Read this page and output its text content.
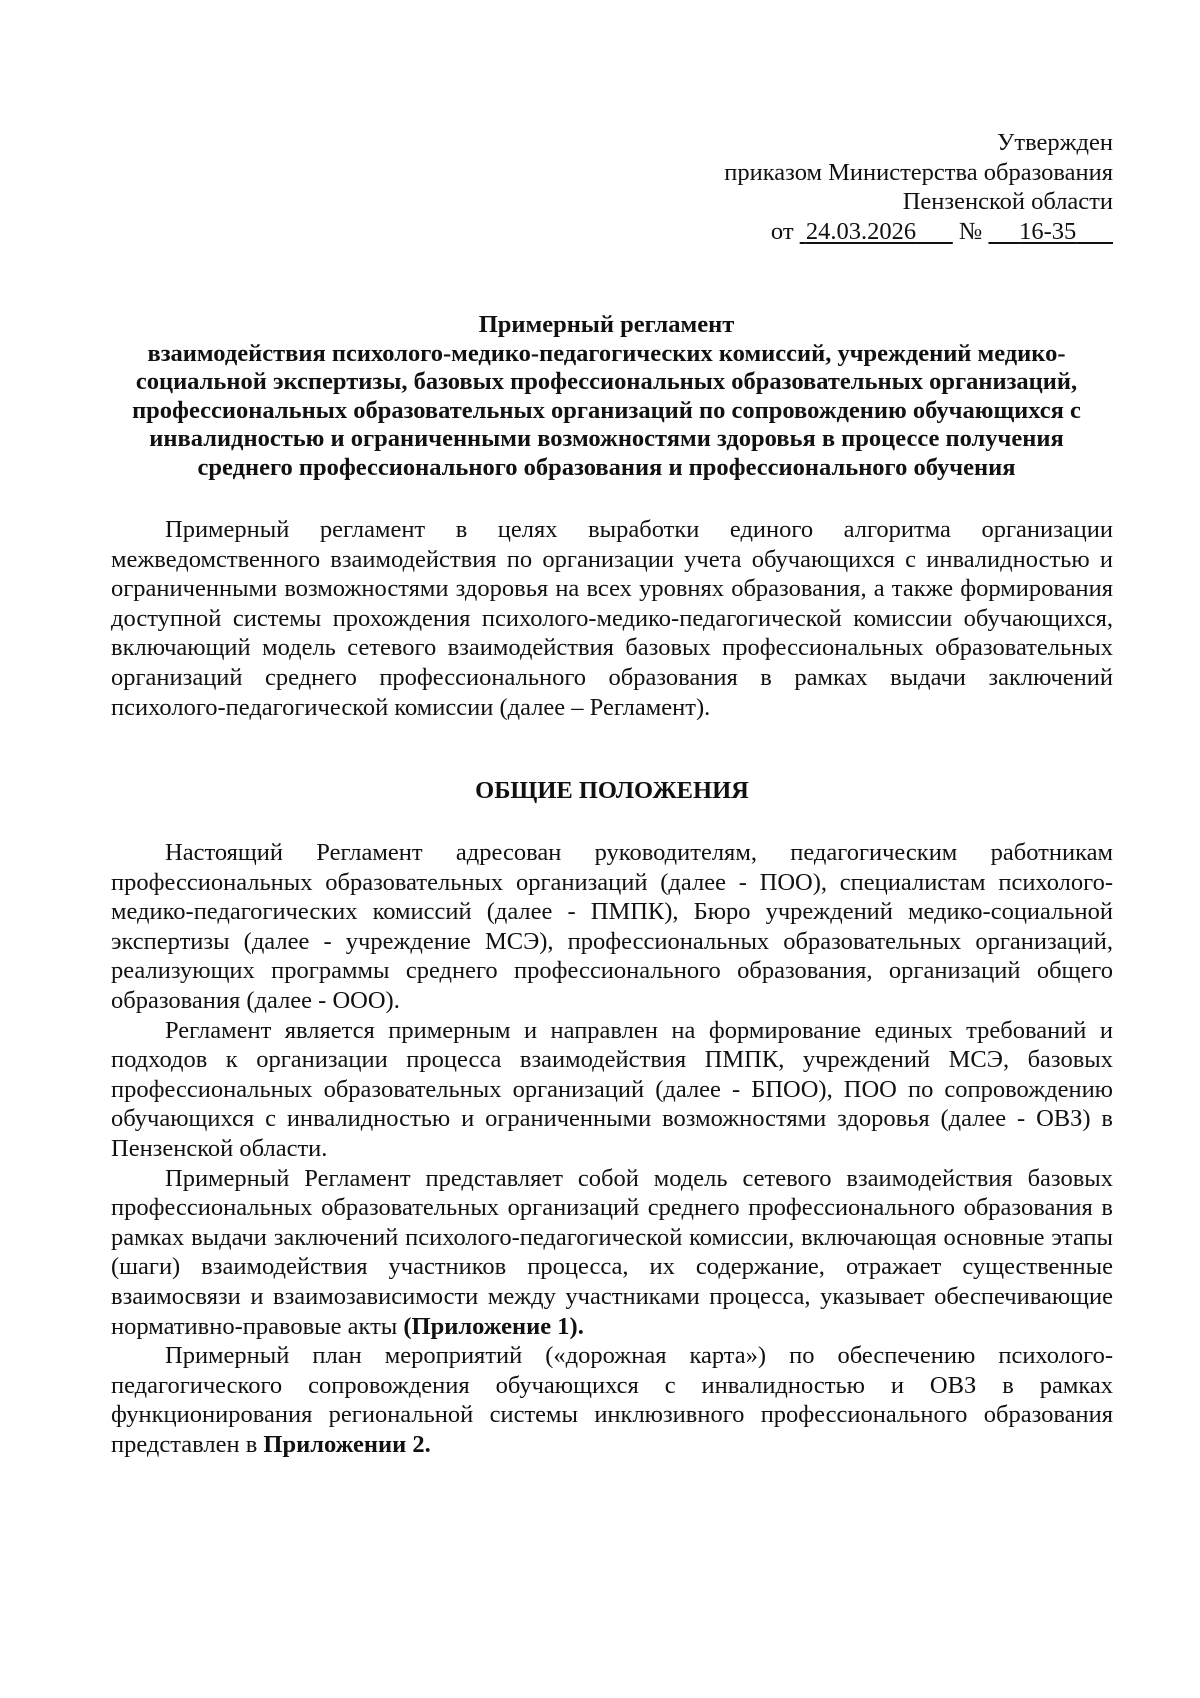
Утвержден
приказом Министерства образования
Пензенской области
от 24.03.2026 № 16-35
Примерный регламент
взаимодействия психолого-медико-педагогических комиссий, учреждений медико-
социальной экспертизы, базовых профессиональных образовательных организаций,
профессиональных образовательных организаций по сопровождению обучающихся с
инвалидностью и ограниченными возможностями здоровья в процессе получения
среднего профессионального образования и профессионального обучения

Примерный регламент в целях выработки единого алгоритма организации межведомственного взаимодействия по организации учета обучающихся с инвалидностью и ограниченными возможностями здоровья на всех уровнях образования, а также формирования доступной системы прохождения психолого-медико-педагогической комиссии обучающихся, включающий модель сетевого взаимодействия базовых профессиональных образовательных организаций среднего профессионального образования в рамках выдачи заключений психолого-педагогической комиссии (далее – Регламент).

ОБЩИЕ ПОЛОЖЕНИЯ

Настоящий Регламент адресован руководителям, педагогическим работникам профессиональных образовательных организаций (далее - ПОО), специалистам психолого-медико-педагогических комиссий (далее - ПМПК), Бюро учреждений медико-социальной экспертизы (далее - учреждение МСЭ), профессиональных образовательных организаций, реализующих программы среднего профессионального образования, организаций общего образования (далее - ООО).

Регламент является примерным и направлен на формирование единых требований и подходов к организации процесса взаимодействия ПМПК, учреждений МСЭ, базовых профессиональных образовательных организаций (далее - БПОО), ПОО по сопровождению обучающихся с инвалидностью и ограниченными возможностями здоровья (далее - ОВЗ) в Пензенской области.

Примерный Регламент представляет собой модель сетевого взаимодействия базовых профессиональных образовательных организаций среднего профессионального образования в рамках выдачи заключений психолого-педагогической комиссии, включающая основные этапы (шаги) взаимодействия участников процесса, их содержание, отражает существенные взаимосвязи и взаимозависимости между участниками процесса, указывает обеспечивающие нормативно-правовые акты (Приложение 1).

Примерный план мероприятий («дорожная карта») по обеспечению психолого-педагогического сопровождения обучающихся с инвалидностью и ОВЗ в рамках функционирования региональной системы инклюзивного профессионального образования представлен в Приложении 2.
